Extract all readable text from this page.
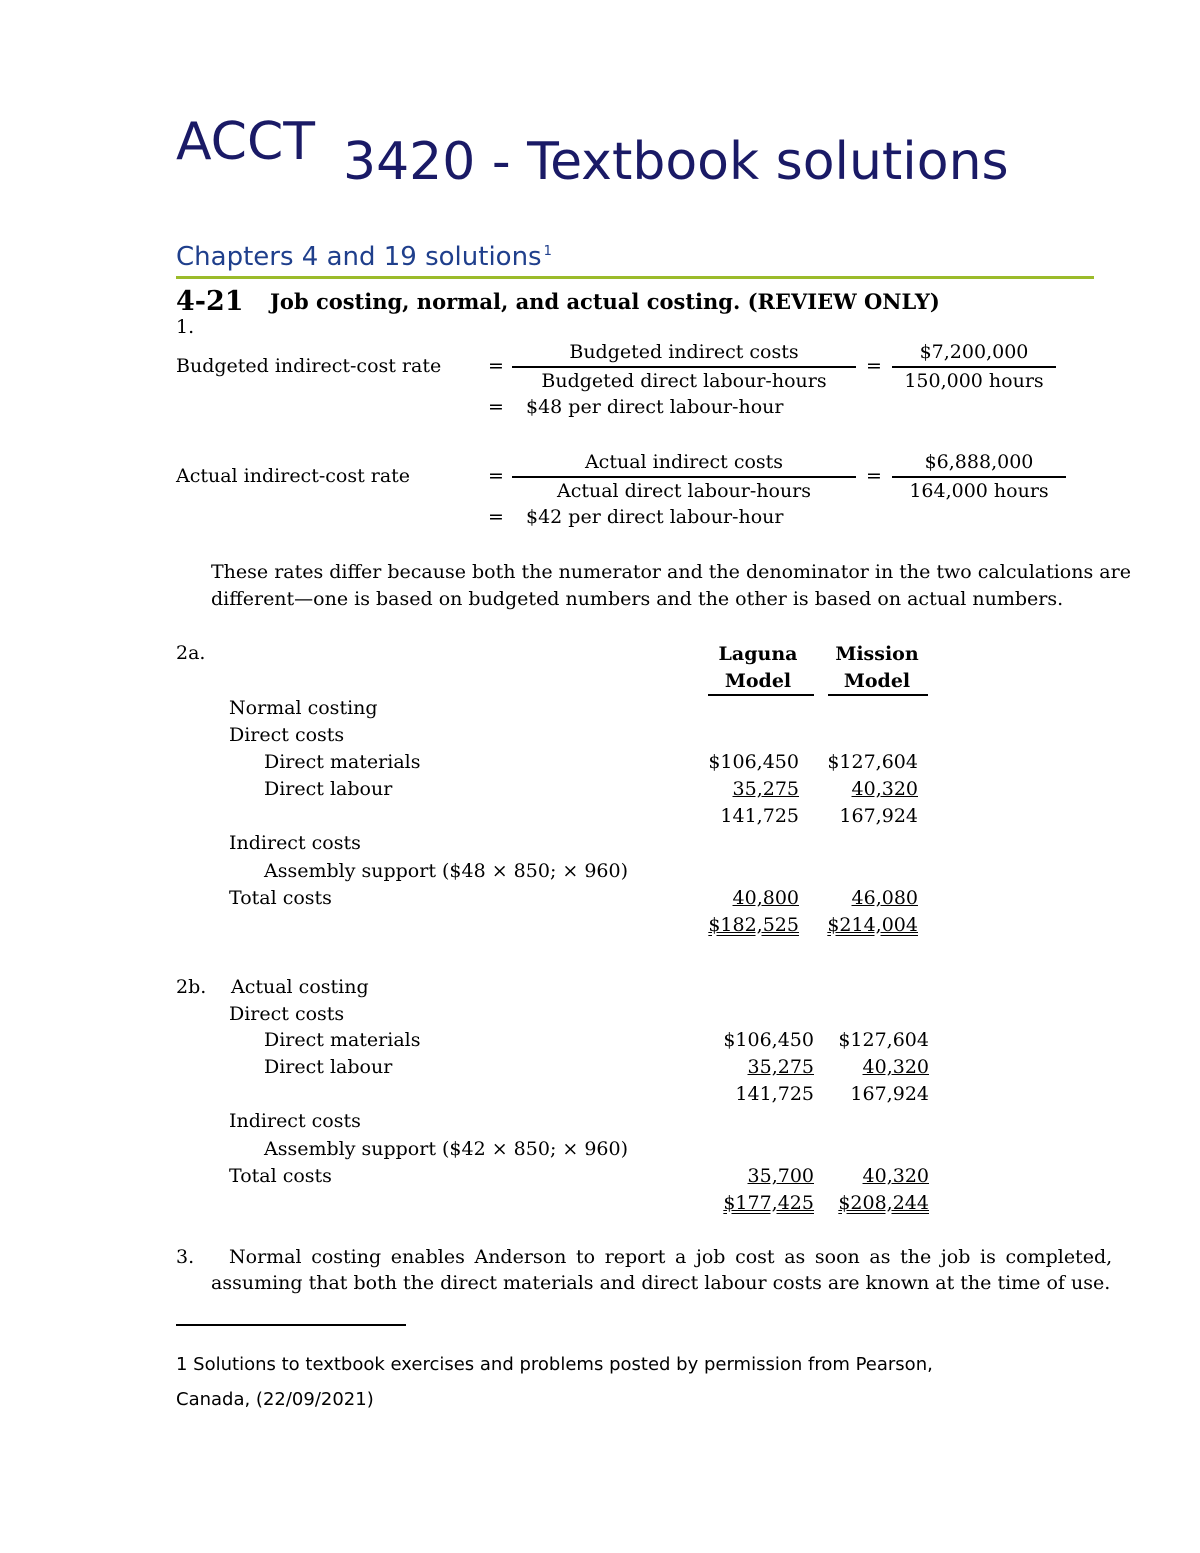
ACCT 3420 - Textbook solutions
Chapters 4 and 19 solutions $^1$
4-21 Job costing, normal, and actual costing. (REVIEW ONLY)
1.
Budgeted indirect-cost rate =
Budgeted indirect costs
Budgeted direct labour-hours
=
$7,200,000
150,000 hours
= $48 per direct labour-hour
Actual indirect-cost rate	=
Actual indirect costs
Actual direct labour-hours
=
$6,888,000
164,000 hours
= $42 per direct labour-hour
These rates differ because both the numerator and the denominator in the two calculations are
different—one is based on budgeted numbers and the other is based on actual numbers.
2a.	Laguna
Model
Mission
Model
Normal costing
Direct costs
Direct materials	$106,450 $127,604
Direct labour	35,275	40,320
141,725 167,924
Indirect costs
Assembly support ($48 × 850; × 960)
Total costs	40,800	46,080
$182,525 $214,004
2b. Actual costing
Direct costs
Direct materials	$106,450 $127,604
Direct labour	35,275	40,320
141,725 167,924
Indirect costs
Assembly support ($42 × 850; × 960)
Total costs	35,700	40,320
$177,425 $208,244
3. Normal costing enables Anderson to report a job cost as soon as the job is completed,
assuming that both the direct materials and direct labour costs are known at the time of use.
1 Solutions to textbook exercises and problems posted by permission from Pearson,
Canada, (22/09/2021)
